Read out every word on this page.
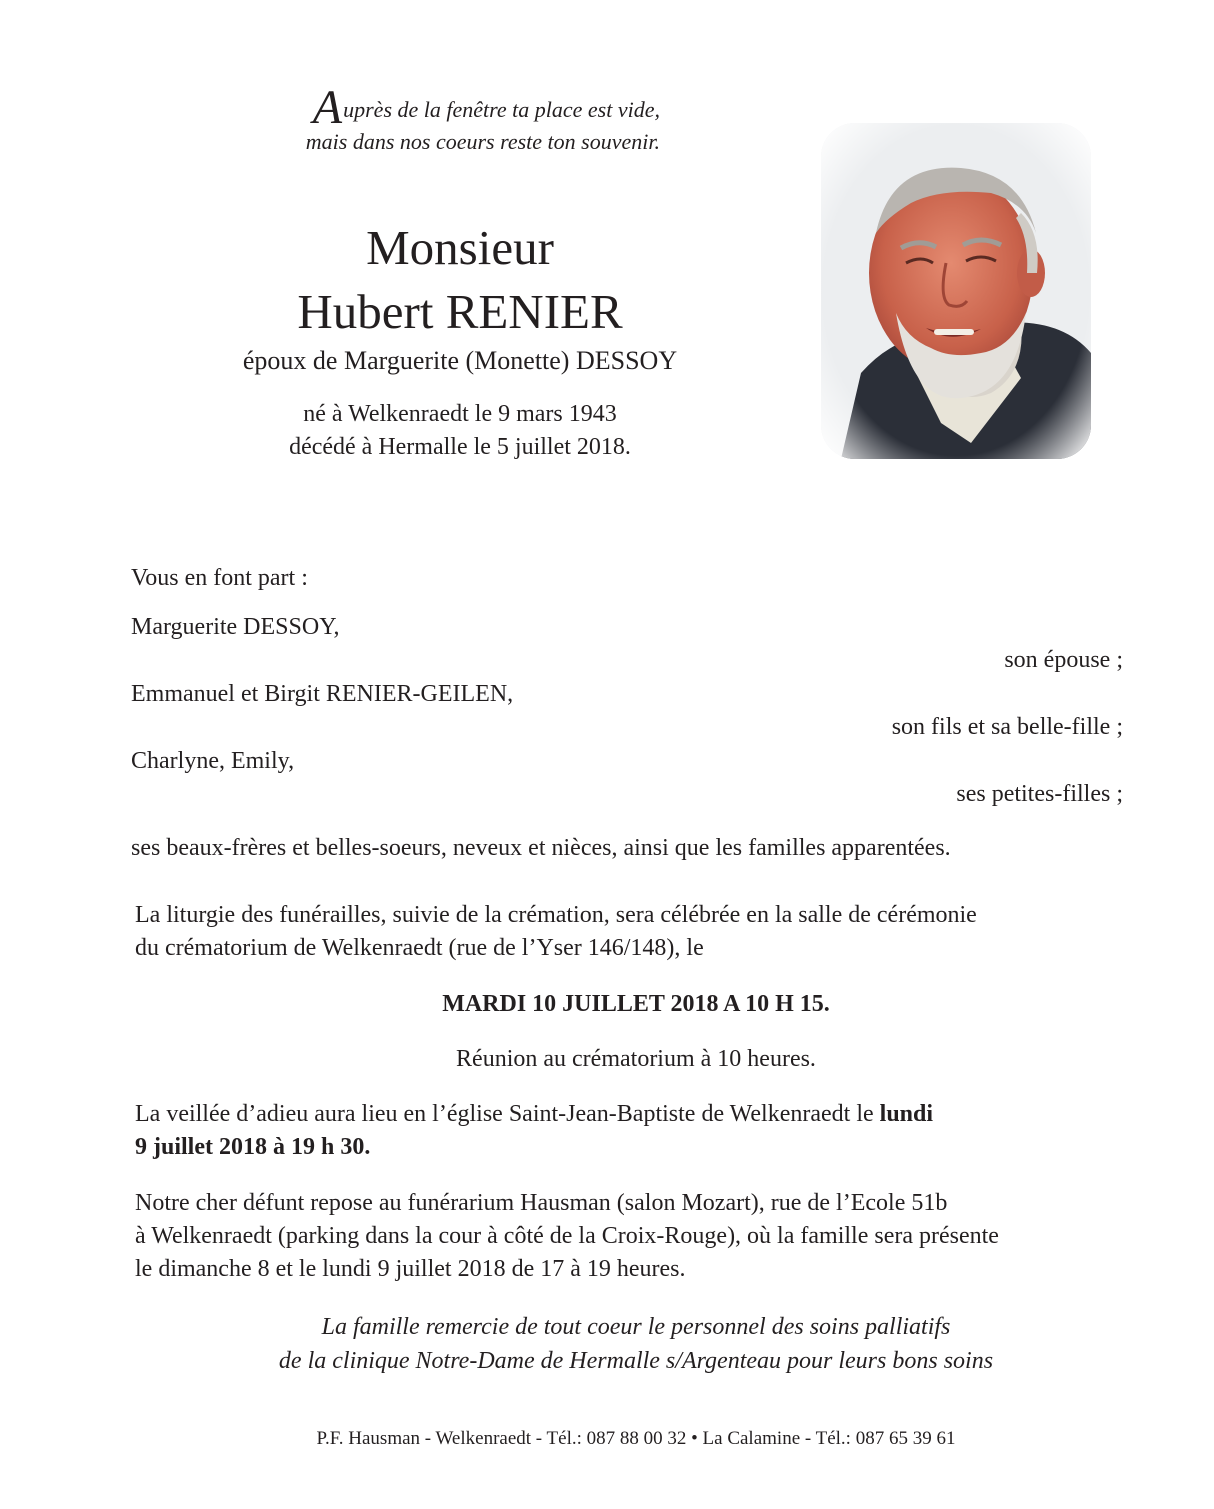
Auprès de la fenêtre ta place est vide,
mais dans nos coeurs reste ton souvenir.
Monsieur
Hubert RENIER
époux de Marguerite (Monette) DESSOY
né à Welkenraedt le 9 mars 1943
décédé à Hermalle le 5 juillet 2018.
Vous en font part :
Marguerite DESSOY,
son épouse ;
Emmanuel et Birgit RENIER-GEILEN,
son fils et sa belle-fille ;
Charlyne, Emily,
ses petites-filles ;
ses beaux-frères et belles-soeurs, neveux et nièces, ainsi que les familles apparentées.
La liturgie des funérailles, suivie de la crémation, sera célébrée en la salle de cérémonie
du crématorium de Welkenraedt (rue de l’Yser 146/148), le
MARDI 10 JUILLET 2018 A 10 H 15.
Réunion au crématorium à 10 heures.
La veillée d’adieu aura lieu en l’église Saint-Jean-Baptiste de Welkenraedt le lundi
9 juillet 2018 à 19 h 30.
Notre cher défunt repose au funérarium Hausman (salon Mozart), rue de l’Ecole 51b
à Welkenraedt (parking dans la cour à côté de la Croix-Rouge), où la famille sera présente
le dimanche 8 et le lundi 9 juillet 2018 de 17 à 19 heures.
La famille remercie de tout coeur le personnel des soins palliatifs
de la clinique Notre-Dame de Hermalle s/Argenteau pour leurs bons soins
P.F. Hausman - Welkenraedt - Tél.: 087 88 00 32 • La Calamine - Tél.: 087 65 39 61
